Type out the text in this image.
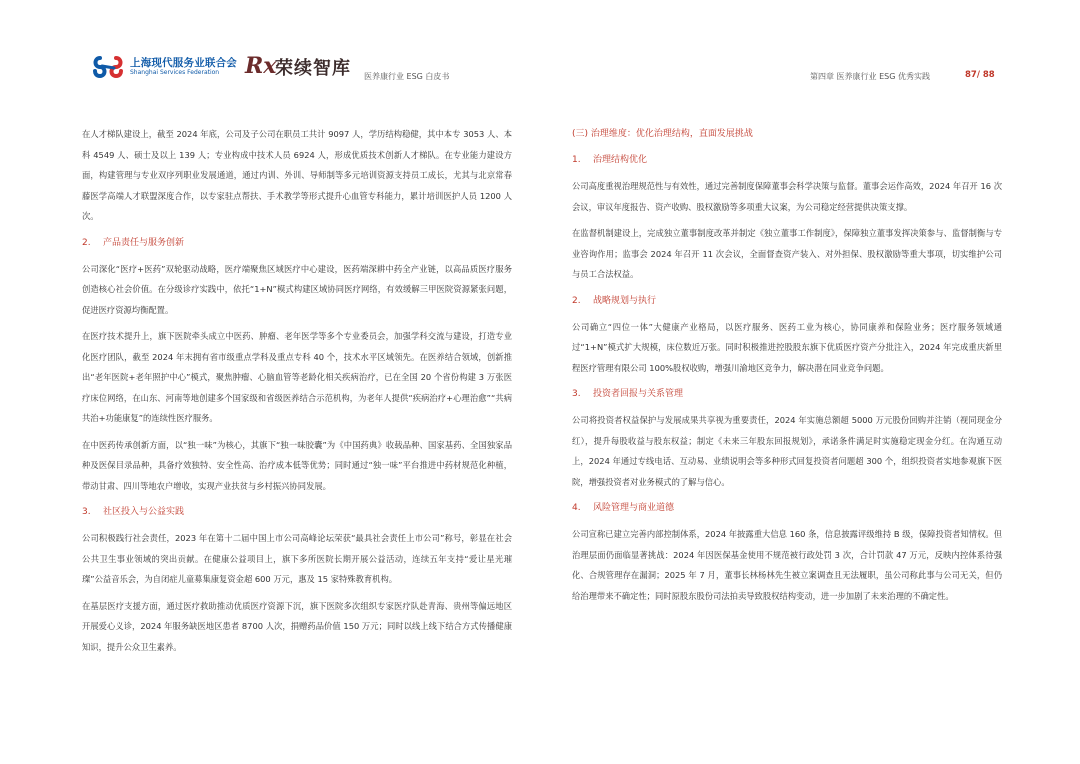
上海现代服务业联合会
Shanghai Services Federation Rx
荣续智库 医养康行业 ESG 白皮书	第四章 医养康行业 ESG 优秀实践	87/ 88

在人才梯队建设上，截至 2024 年底，公司及子公司在职员工共计 9097 人，学历结构稳健，其中本专 3053 人、本科 4549 人、硕士及以上 139 人；专业构成中技术人员 6924 人，形成优质技术创新人才梯队。在专业能力建设方面，构建管理与专业双序列职业发展通道，通过内训、外训、导师制等多元培训资源支持员工成长，尤其与北京常春藤医学高端人才联盟深度合作，以专家驻点帮扶、手术教学等形式提升心血管专科能力，累计培训医护人员 1200 人次。

2. 产品责任与服务创新

公司深化“医疗+医药”双轮驱动战略，医疗端聚焦区域医疗中心建设，医药端深耕中药全产业链，以高品质医疗服务创造核心社会价值。在分级诊疗实践中，依托“1+N”模式构建区域协同医疗网络，有效缓解三甲医院资源紧张问题，促进医疗资源均衡配置。

在医疗技术提升上，旗下医院牵头成立中医药、肿瘤、老年医学等多个专业委员会，加强学科交流与建设，打造专业化医疗团队，截至 2024 年末拥有省市级重点学科及重点专科 40 个，技术水平区域领先。在医养结合领域，创新推出“老年医院+老年照护中心”模式，聚焦肿瘤、心脑血管等老龄化相关疾病治疗，已在全国 20 个省份构建 3 万张医疗床位网络，在山东、河南等地创建多个国家级和省级医养结合示范机构，为老年人提供“疾病治疗+心理治愈”“共病共治+功能康复”的连续性医疗服务。

在中医药传承创新方面，以“独一味”为核心，其旗下“独一味胶囊”为《中国药典》收载品种、国家基药、全国独家品种及医保目录品种，具备疗效独特、安全性高、治疗成本低等优势；同时通过“独一味”平台推进中药材规范化种植，带动甘肃、四川等地农户增收，实现产业扶贫与乡村振兴协同发展。

3. 社区投入与公益实践

公司积极践行社会责任，2023 年在第十二届中国上市公司高峰论坛荣获“最具社会责任上市公司”称号，彰显在社会公共卫生事业领域的突出贡献。在健康公益项目上，旗下多所医院长期开展公益活动，连续五年支持“爱让星光璀璨”公益音乐会，为自闭症儿童募集康复资金超 600 万元，惠及 15 家特殊教育机构。

在基层医疗支援方面，通过医疗救助推动优质医疗资源下沉，旗下医院多次组织专家医疗队赴青海、贵州等偏远地区开展爱心义诊，2024 年服务缺医地区患者 8700 人次，捐赠药品价值 150 万元；同时以线上线下结合方式传播健康知识，提升公众卫生素养。

(三) 治理维度：优化治理结构，直面发展挑战
1. 治理结构优化

公司高度重视治理规范性与有效性，通过完善制度保障董事会科学决策与监督。董事会运作高效，2024 年召开 16 次会议，审议年度报告、资产收购、股权激励等多项重大议案，为公司稳定经营提供决策支撑。

在监督机制建设上，完成独立董事制度改革并制定《独立董事工作制度》，保障独立董事发挥决策参与、监督制衡与专业咨询作用；监事会 2024 年召开 11 次会议，全面督查资产装入、对外担保、股权激励等重大事项，切实维护公司与员工合法权益。

2. 战略规划与执行

公司确立“四位一体”大健康产业格局，以医疗服务、医药工业为核心，协同康养和保险业务；医疗服务领域通过“1+N”模式扩大规模，床位数近万张。同时积极推进控股股东旗下优质医疗资产分批注入，2024 年完成重庆新里程医疗管理有限公司 100%股权收购，增强川渝地区竞争力，解决潜在同业竞争问题。

3. 投资者回报与关系管理

公司将投资者权益保护与发展成果共享视为重要责任，2024 年实施总额超 5000 万元股份回购并注销（视同现金分红），提升每股收益与股东权益；制定《未来三年股东回报规划》，承诺条件满足时实施稳定现金分红。在沟通互动上，2024 年通过专线电话、互动易、业绩说明会等多种形式回复投资者问题超 300 个，组织投资者实地参观旗下医院，增强投资者对业务模式的了解与信心。

4. 风险管理与商业道德

公司宣称已建立完善内部控制体系，2024 年披露重大信息 160 条，信息披露评级维持 B 级，保障投资者知情权。但治理层面仍面临显著挑战：2024 年因医保基金使用不规范被行政处罚 3 次，合计罚款 47 万元，反映内控体系待强化、合规管理存在漏洞；2025 年 7 月，董事长林杨林先生被立案调查且无法履职，虽公司称此事与公司无关，但仍给治理带来不确定性；同时原股东股份司法拍卖导致股权结构变动，进一步加剧了未来治理的不确定性。
